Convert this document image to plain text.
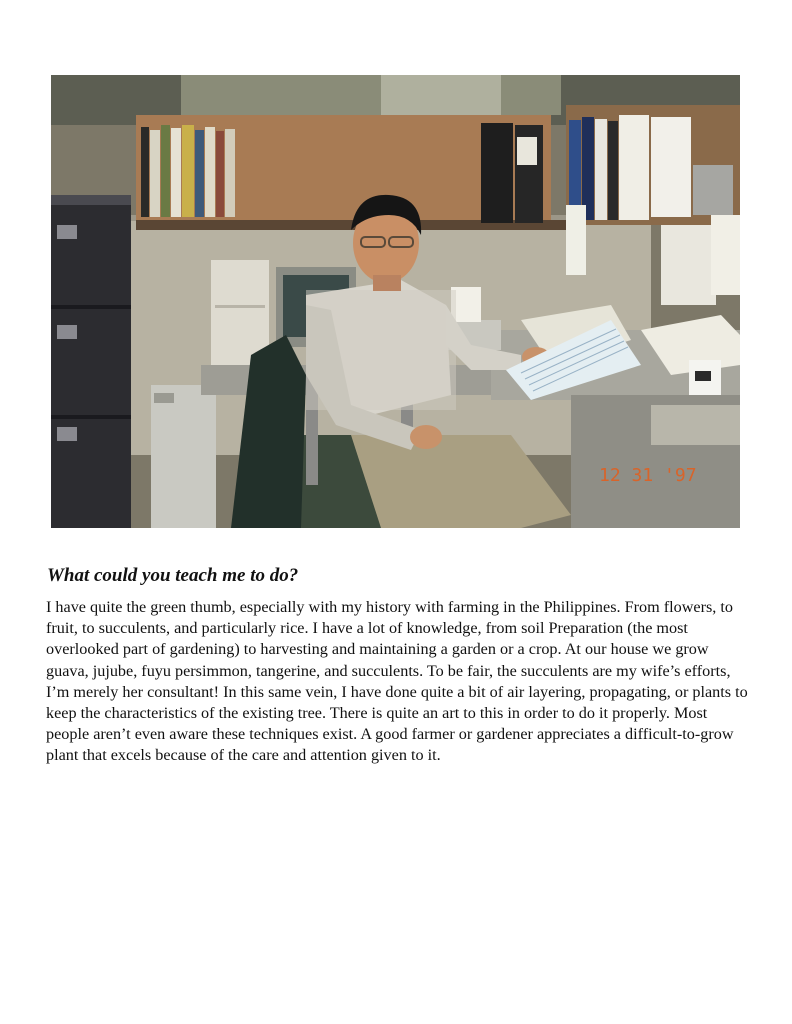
12 31 '97
What could you teach me to do?

I have quite the green thumb, especially with my history with farming in the Philippines. From flowers, to fruit, to succulents, and particularly rice. I have a lot of knowledge, from soil Preparation (the most overlooked part of gardening) to harvesting and maintaining a garden or a crop. At our house we grow guava, jujube, fuyu persimmon, tangerine, and succulents. To be fair, the succulents are my wife’s efforts, I’m merely her consultant! In this same vein, I have done quite a bit of air layering, propagating, or plants to keep the characteristics of the existing tree. There is quite an art to this in order to do it properly. Most people aren’t even aware these techniques exist. A good farmer or gardener appreciates a difficult-to-grow plant that excels because of the care and attention given to it.
